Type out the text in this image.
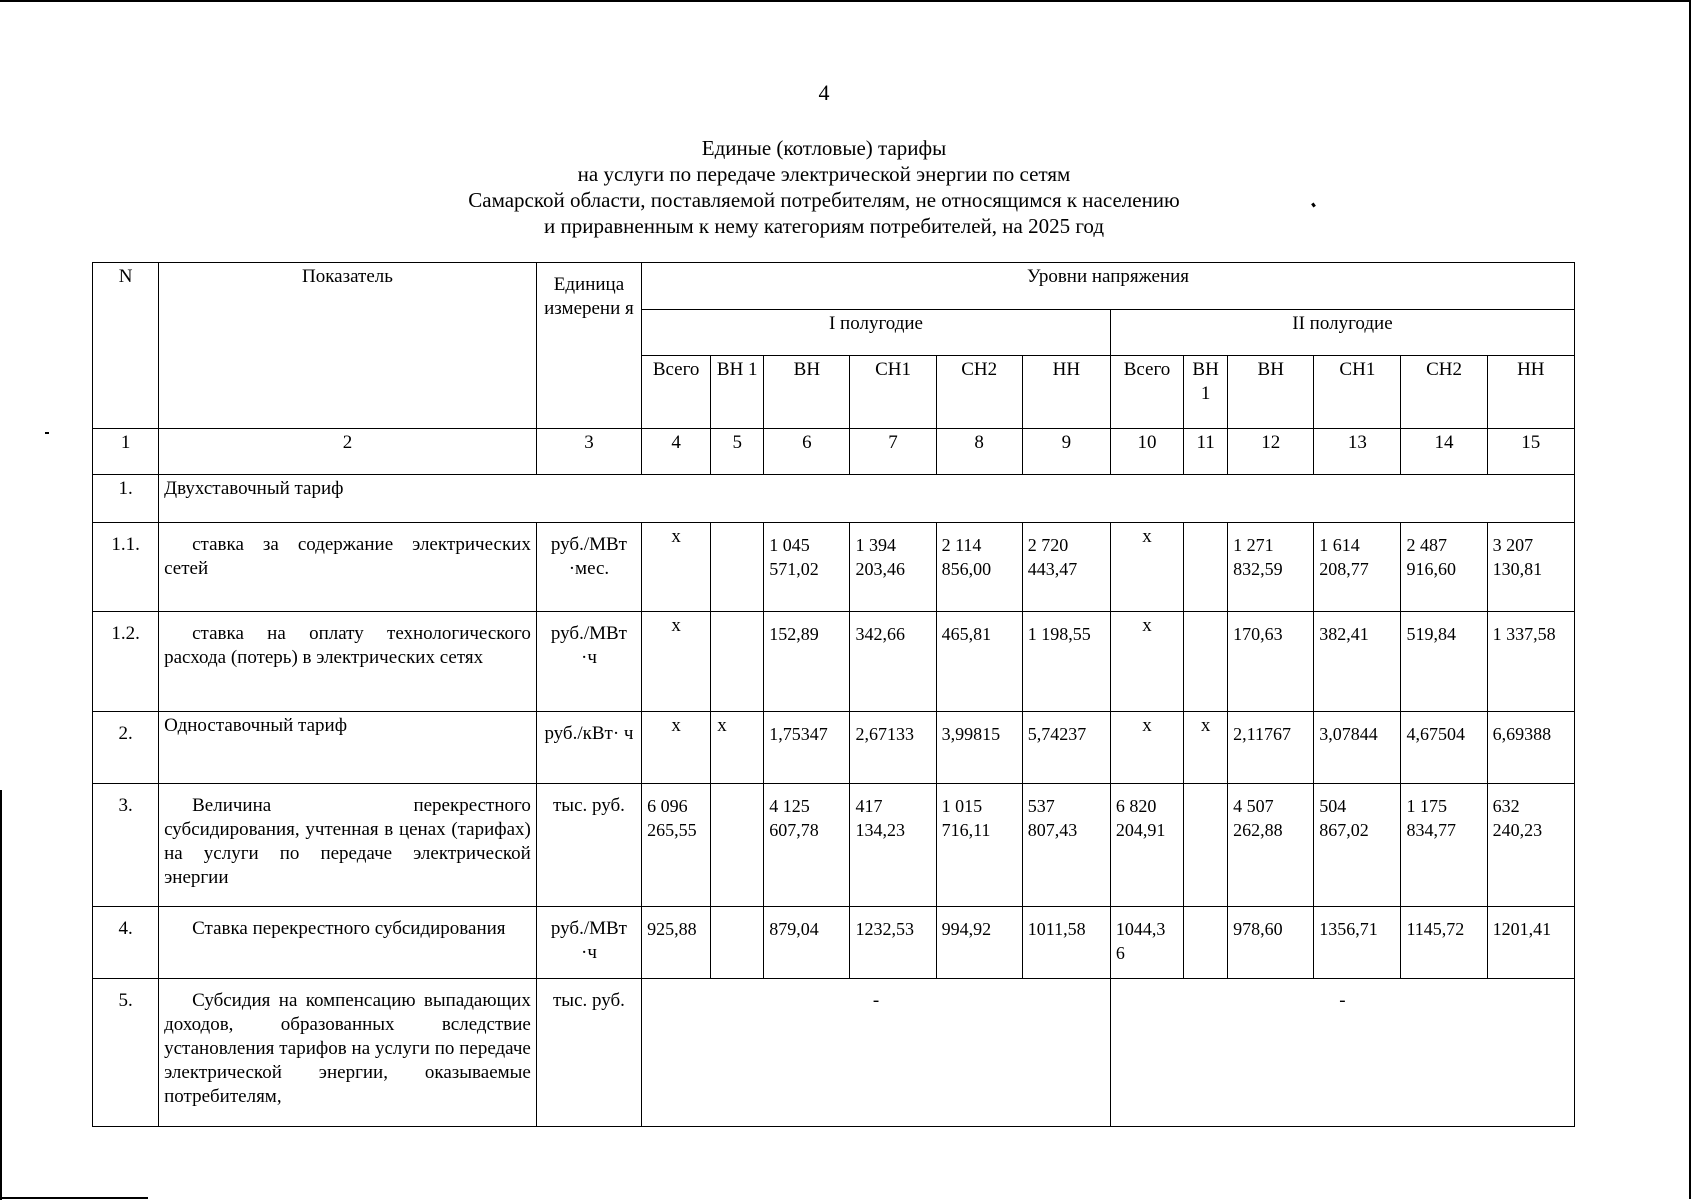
4
Единые (котловые) тарифы
на услуги по передаче электрической энергии по сетям
Самарской области, поставляемой потребителям, не относящимся к населению
и приравненным к нему категориям потребителей, на 2025 год
N	Показатель	Единица измерени я	Уровни напряжения											
			I полугодие						II полугодие					
			Всего	ВН 1	ВН	СН1	СН2	НН	Всего	ВН 1	ВН	СН1	СН2	НН
1	2	3	4	5	6	7	8	9	10	11	12	13	14	15
1.	Двухставочный тариф													
1.1.	ставка за содержание электрических сетей	руб./МВт ·мес.	х		1 045 571,02	1 394 203,46	2 114 856,00	2 720 443,47	х		1 271 832,59	1 614 208,77	2 487 916,60	3 207 130,81
1.2.	ставка на оплату технологического расхода (потерь) в электрических сетях	руб./МВт ·ч	х		152,89	342,66	465,81	1 198,55	х		170,63	382,41	519,84	1 337,58
2.	Одноставочный тариф	руб./кВт· ч	х	х	1,75347	2,67133	3,99815	5,74237	х	х	2,11767	3,07844	4,67504	6,69388
3.	Величина перекрестного субсидирования, учтенная в ценах (тарифах) на услуги по передаче электрической энергии	тыс. руб.	6 096 265,55		4 125 607,78	417 134,23	1 015 716,11	537 807,43	6 820 204,91		4 507 262,88	504 867,02	1 175 834,77	632 240,23
4.	Ставка перекрестного субсидирования	руб./МВт ·ч	925,88		879,04	1232,53	994,92	1011,58	1044,3 6		978,60	1356,71	1145,72	1201,41
5.	Субсидия на компенсацию выпадающих доходов, образованных вследствие установления тарифов на услуги по передаче электрической энергии, оказываемые потребителям,	тыс. руб.	-						-					
